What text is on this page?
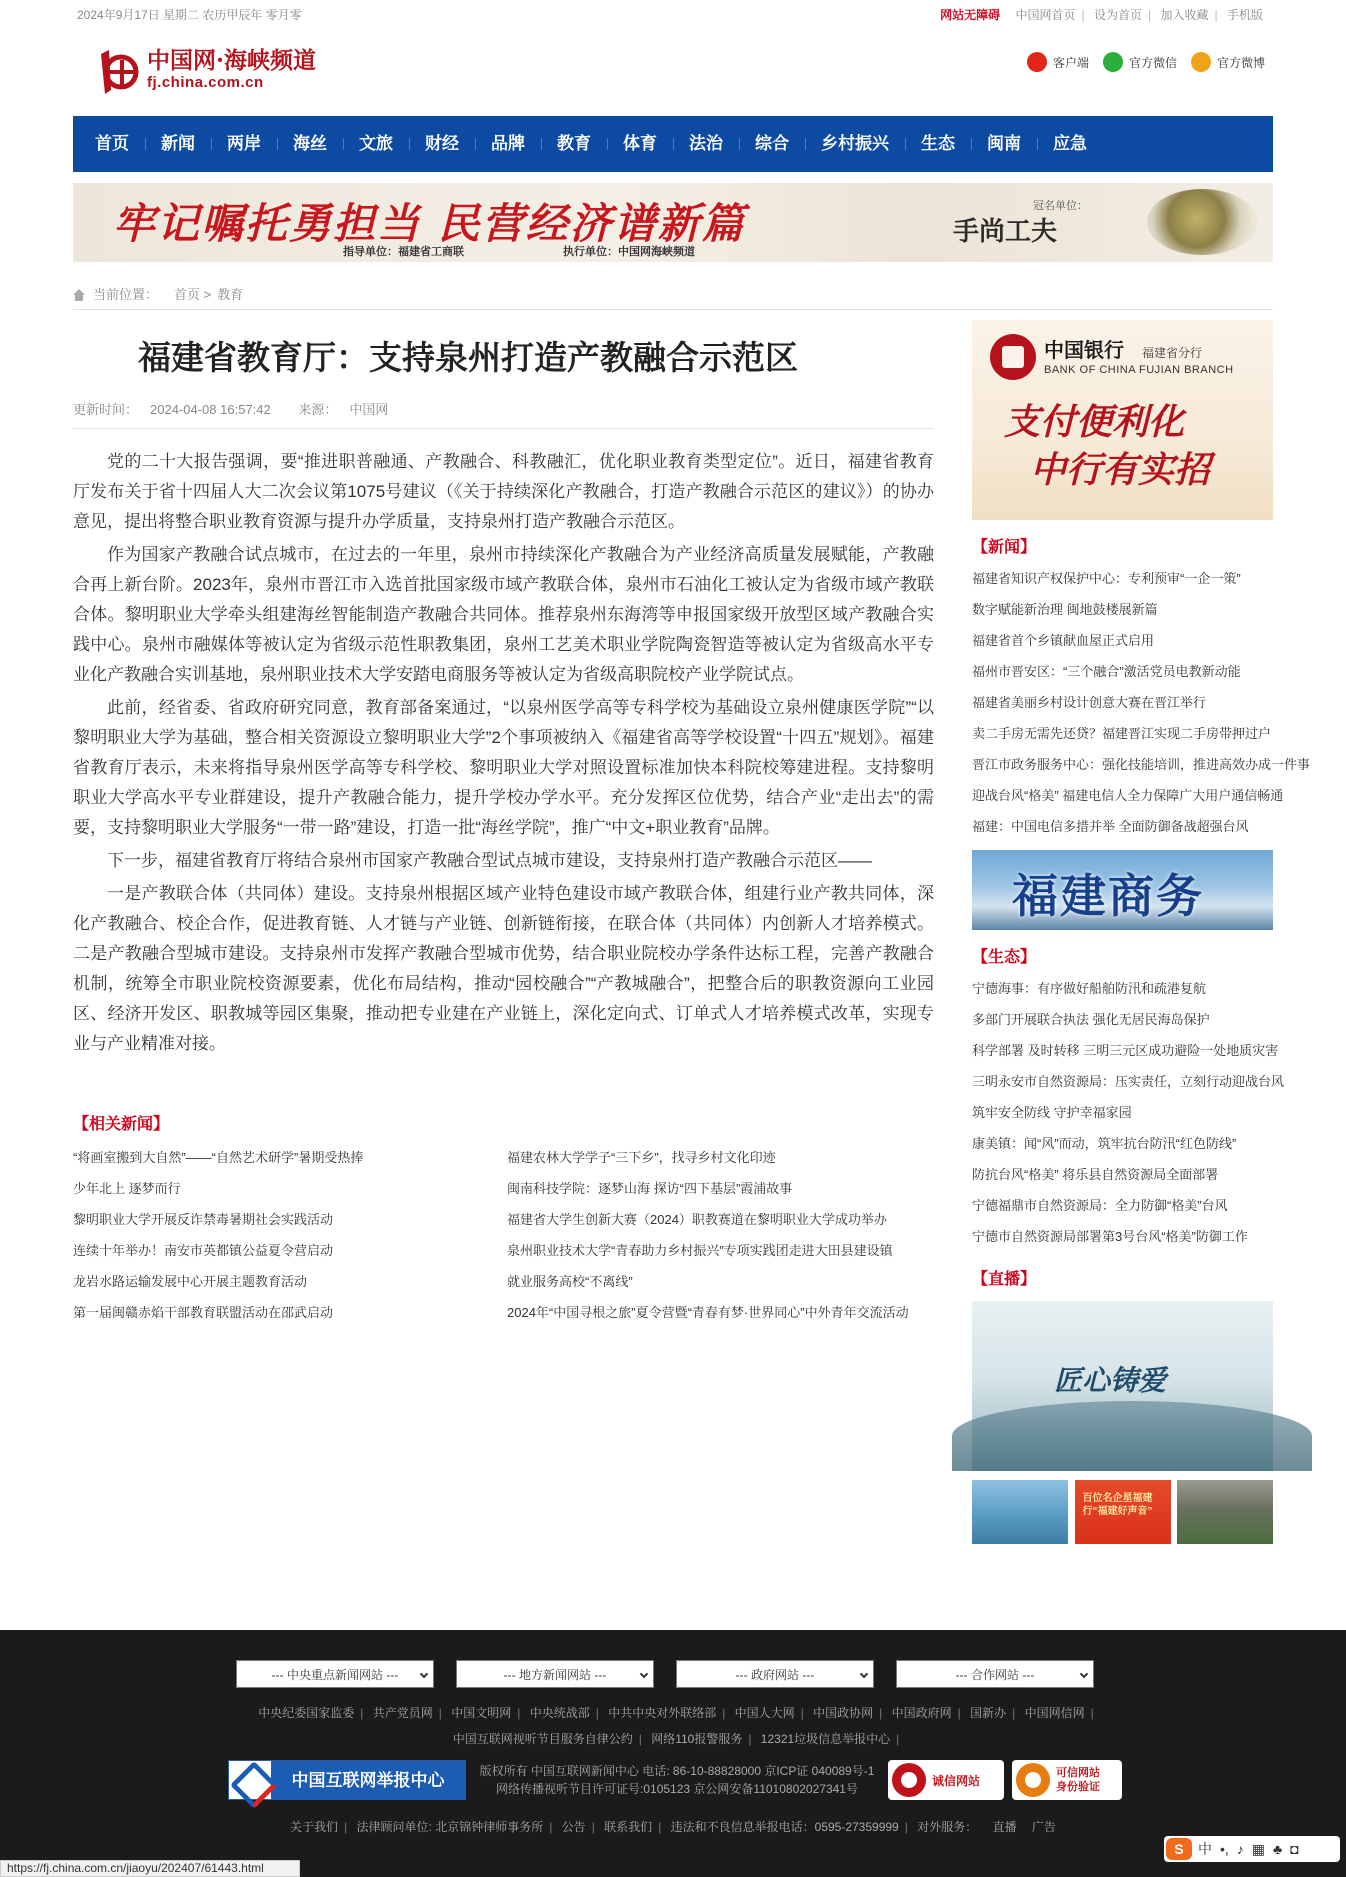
2024年9月17日 星期二 农历甲辰年 零月零	网站无障碍 中国网首页 | 设为首页 | 加入收藏 | 手机版
中国网·海峡频道
fj.china.com.cn
客户端	官方微信	官方微博
首页	新闻	两岸	海丝	文旅	财经	品牌	教育	体育	法治	综合	乡村振兴	生态	闽南	应急
牢记嘱托勇担当 民营经济谱新篇
指导单位：福建省工商联	执行单位：中国网海峡频道
冠名单位：
手尚工夫
当前位置： 首页 > 教育
福建省教育厅：支持泉州打造产教融合示范区
更新时间： 2024-04-08 16:57:42 来源： 中国网

党的二十大报告强调，要“推进职普融通、产教融合、科教融汇，优化职业教育类型定位”。近日，福建省教育厅发布关于省十四届人大二次会议第1075号建议（《关于持续深化产教融合，打造产教融合示范区的建议》）的协办意见，提出将整合职业教育资源与提升办学质量，支持泉州打造产教融合示范区。

作为国家产教融合试点城市，在过去的一年里，泉州市持续深化产教融合为产业经济高质量发展赋能，产教融合再上新台阶。2023年，泉州市晋江市入选首批国家级市域产教联合体，泉州市石油化工被认定为省级市域产教联合体。黎明职业大学牵头组建海丝智能制造产教融合共同体。推荐泉州东海湾等申报国家级开放型区域产教融合实践中心。泉州市融媒体等被认定为省级示范性职教集团，泉州工艺美术职业学院陶瓷智造等被认定为省级高水平专业化产教融合实训基地，泉州职业技术大学安踏电商服务等被认定为省级高职院校产业学院试点。

此前，经省委、省政府研究同意，教育部备案通过，“以泉州医学高等专科学校为基础设立泉州健康医学院”“以黎明职业大学为基础，整合相关资源设立黎明职业大学”2个事项被纳入《福建省高等学校设置“十四五”规划》。福建省教育厅表示，未来将指导泉州医学高等专科学校、黎明职业大学对照设置标准加快本科院校筹建进程。支持黎明职业大学高水平专业群建设，提升产教融合能力，提升学校办学水平。充分发挥区位优势，结合产业“走出去”的需要，支持黎明职业大学服务“一带一路”建设，打造一批“海丝学院”，推广“中文+职业教育”品牌。

下一步，福建省教育厅将结合泉州市国家产教融合型试点城市建设，支持泉州打造产教融合示范区——

一是产教联合体（共同体）建设。支持泉州根据区域产业特色建设市域产教联合体，组建行业产教共同体，深化产教融合、校企合作，促进教育链、人才链与产业链、创新链衔接，在联合体（共同体）内创新人才培养模式。二是产教融合型城市建设。支持泉州市发挥产教融合型城市优势，结合职业院校办学条件达标工程，完善产教融合机制，统筹全市职业院校资源要素，优化布局结构，推动“园校融合”“产教城融合”，把整合后的职教资源向工业园区、经济开发区、职教城等园区集聚，推动把专业建在产业链上，深化定向式、订单式人才培养模式改革，实现专业与产业精准对接。

【相关新闻】
“将画室搬到大自然”——“自然艺术研学”暑期受热捧	福建农林大学学子“三下乡”，找寻乡村文化印迹
少年北上 逐梦而行	闽南科技学院：逐梦山海 探访“四下基层”霞浦故事
黎明职业大学开展反诈禁毒暑期社会实践活动	福建省大学生创新大赛（2024）职教赛道在黎明职业大学成功举办
连续十年举办！南安市英都镇公益夏令营启动	泉州职业技术大学“青春助力乡村振兴”专项实践团走进大田县建设镇
龙岩水路运输发展中心开展主题教育活动	就业服务高校“不离线”
第一届闽赣赤焰干部教育联盟活动在邵武启动	2024年“中国寻根之旅”夏令营暨“青春有梦·世界同心”中外青年交流活动
中国银行 福建省分行
BANK OF CHINA FUJIAN BRANCH
支付便利化
中行有实招
【新闻】
福建省知识产权保护中心：专利预审“一企一策”
数字赋能新治理 闽地鼓楼展新篇
福建省首个乡镇献血屋正式启用
福州市晋安区：“三个融合”激活党员电教新动能
福建省美丽乡村设计创意大赛在晋江举行
卖二手房无需先还贷？福建晋江实现二手房带押过户
晋江市政务服务中心：强化技能培训，推进高效办成一件事
迎战台风“格美” 福建电信人全力保障广大用户通信畅通
福建：中国电信多措并举 全面防御备战超强台风
福建商务
【生态】
宁德海事：有序做好船舶防汛和疏港复航
多部门开展联合执法 强化无居民海岛保护
科学部署 及时转移 三明三元区成功避险一处地质灾害
三明永安市自然资源局：压实责任，立刻行动迎战台风
筑牢安全防线 守护幸福家园
康美镇：闻“风”而动，筑牢抗台防汛“红色防线”
防抗台风“格美” 将乐县自然资源局全面部署
宁德福鼎市自然资源局：全力防御“格美”台风
宁德市自然资源局部署第3号台风“格美”防御工作
【直播】
匠心铸爱
百位名企星福建行“福建好声音”
--- 中央重点新闻网站 ---	--- 地方新闻网站 ---	--- 政府网站 ---	--- 合作网站 ---
中央纪委国家监委 | 共产党员网 | 中国文明网 | 中央统战部 | 中共中央对外联络部 | 中国人大网 | 中国政协网 | 中国政府网 | 国新办 | 中国网信网 |
中国互联网视听节目服务自律公约 | 网络110报警服务 | 12321垃圾信息举报中心 |
中国互联网举报中心	版权所有 中国互联网新闻中心 电话: 86-10-88828000 京ICP证 040089号-1
网络传播视听节目许可证号:0105123 京公网安备11010802027341号
诚信网站
可信网站
身份验证
关于我们 | 法律顾问单位: 北京锦钟律师事务所 | 公告 | 联系我们 | 违法和不良信息举报电话：0595-27359999 | 对外服务： 直播 广告
S	中 •, ♪ ▦ ♣ ◘
https://fj.china.com.cn/jiaoyu/202407/61443.html
